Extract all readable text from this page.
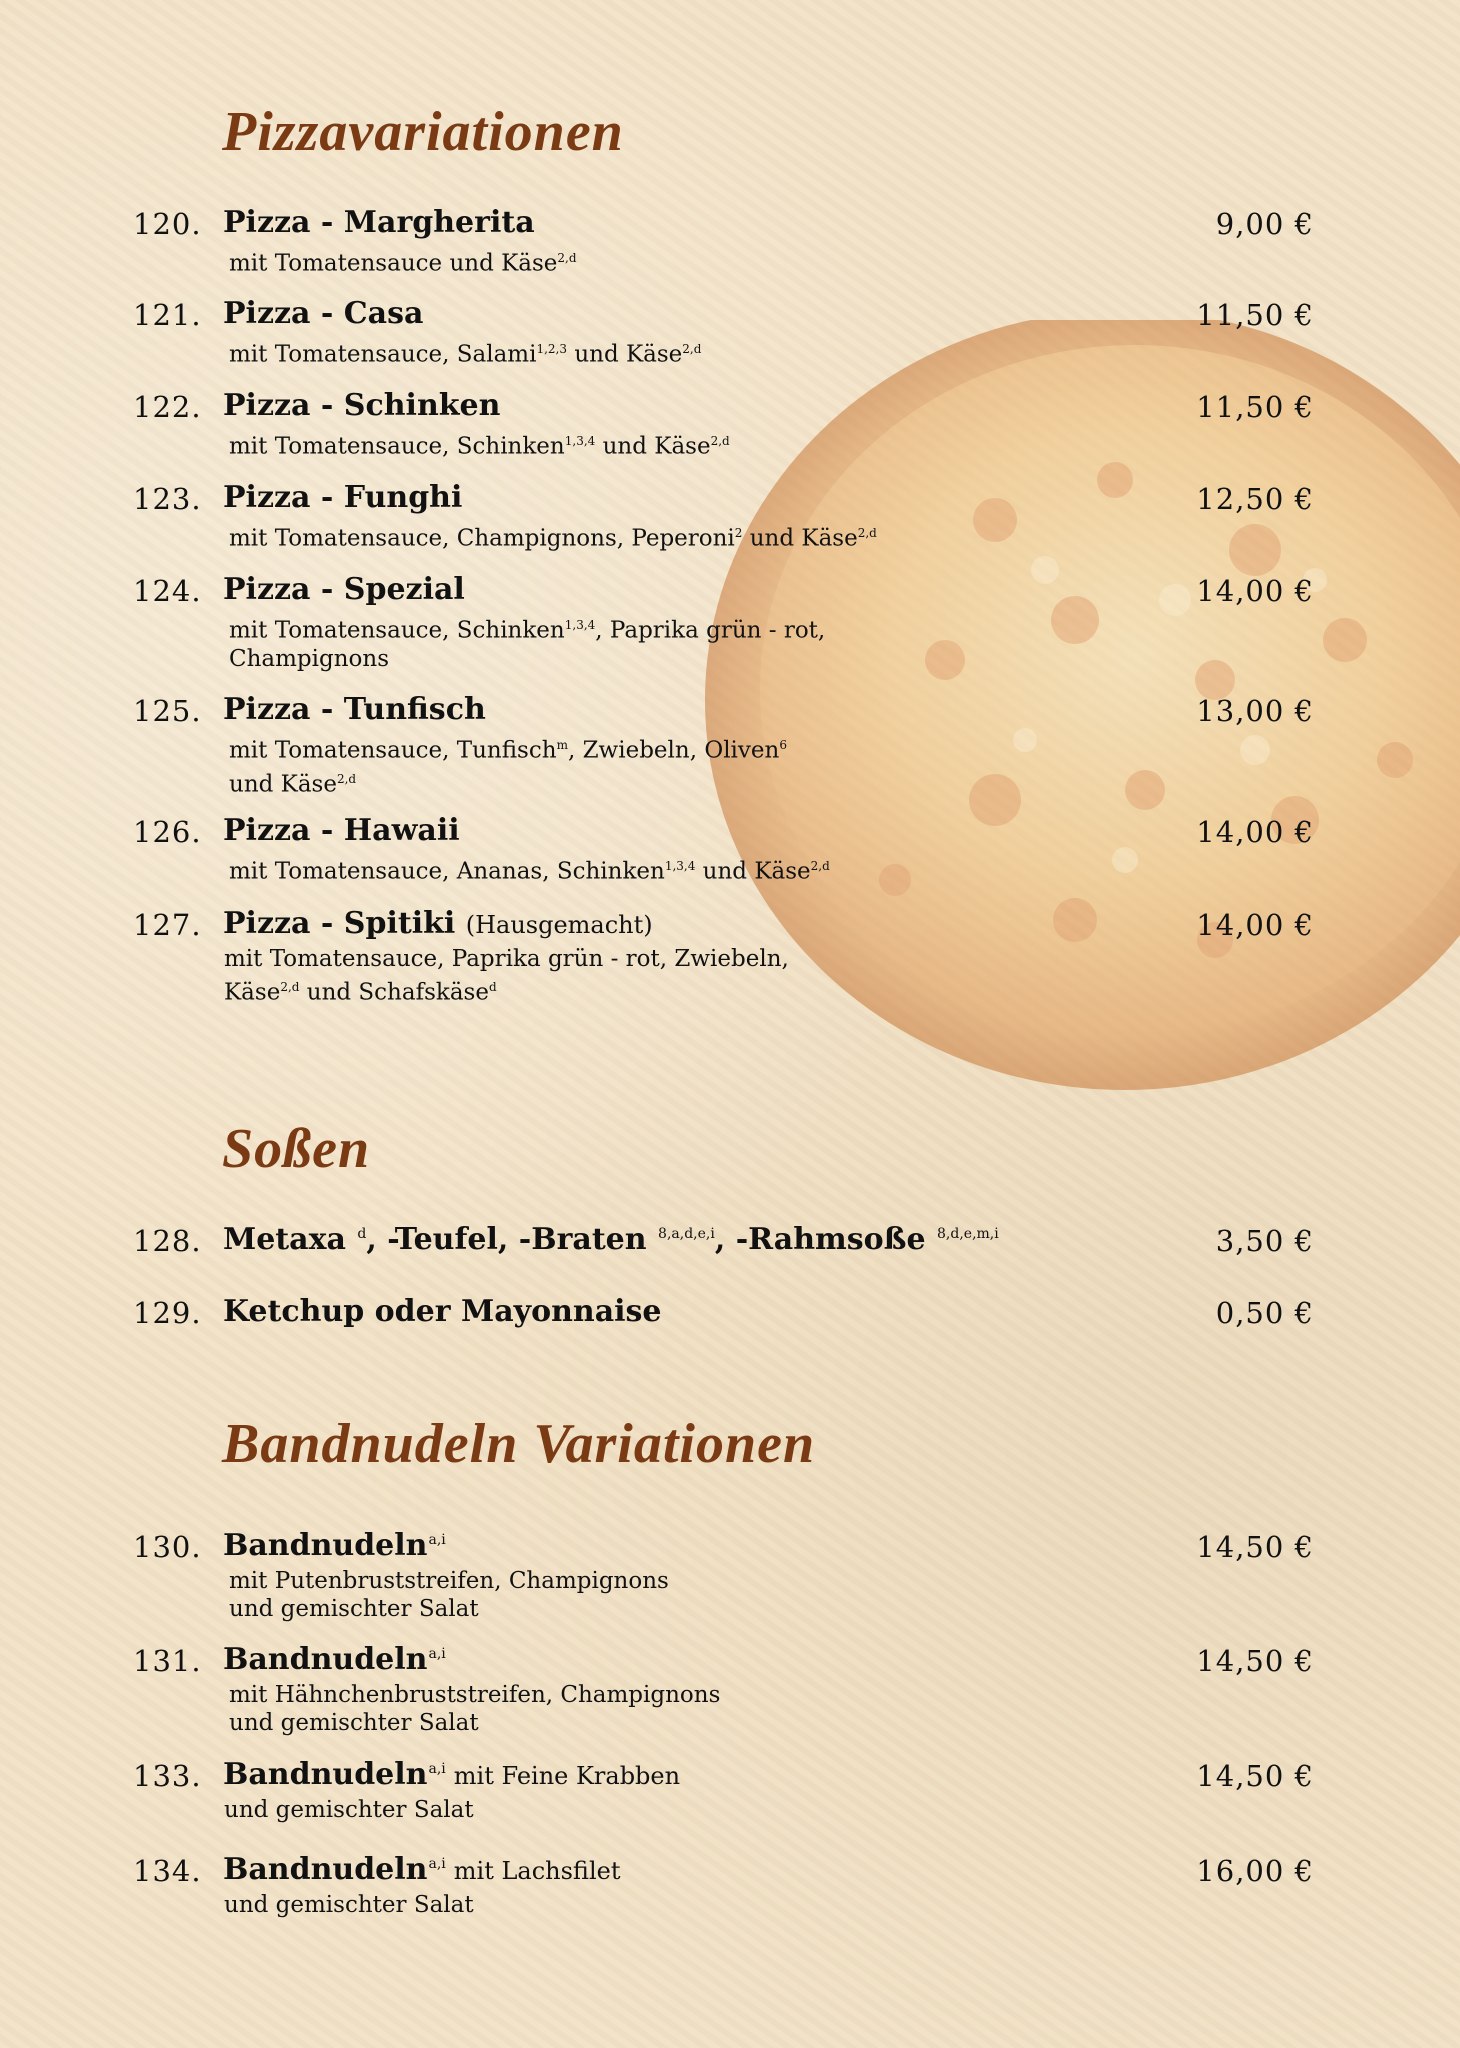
Pizzavariationen
120. Pizza - Margherita	9,00 €
mit Tomatensauce und Käse$^{2,d}$
121. Pizza - Casa	11,50 €
mit Tomatensauce, Salami$^{1,2,3}$ und Käse$^{2,d}$
122. Pizza - Schinken	11,50 €
mit Tomatensauce, Schinken$^{1,3,4}$ und Käse$^{2,d}$
123. Pizza - Funghi	12,50 €
mit Tomatensauce, Champignons, Peperoni$^2$ und Käse$^{2,d}$
124. Pizza - Spezial	14,00 €
mit Tomatensauce, Schinken$^{1,3,4}$, Paprika grün - rot,
Champignons
125. Pizza - Tunfisch	13,00 €
mit Tomatensauce, Tunfisch$^m$, Zwiebeln, Oliven$^6$
und Käse$^{2,d}$
126. Pizza - Hawaii	14,00 €
mit Tomatensauce, Ananas, Schinken$^{1,3,4}$ und Käse$^{2,d}$
127. Pizza - Spitiki (Hausgemacht)	14,00 €
mit Tomatensauce, Paprika grün - rot, Zwiebeln,
Käse$^{2,d}$ und Schafskäse$^d$
Soßen
128. Metaxa $^d$, -Teufel, -Braten $^{8,a,d,e,i}$, -Rahmsoße $^{8,d,e,m,i}$	3,50 €
129. Ketchup oder Mayonnaise	0,50 €
Bandnudeln Variationen
130. Bandnudeln$^{a,i}$	14,50 €
mit Putenbruststreifen, Champignons
und gemischter Salat
131. Bandnudeln$^{a,i}$	14,50 €
mit Hähnchenbruststreifen, Champignons
und gemischter Salat
133. Bandnudeln$^{a,i}$ mit Feine Krabben	14,50 €
und gemischter Salat
134. Bandnudeln$^{a,i}$ mit Lachsfilet	16,00 €
und gemischter Salat
